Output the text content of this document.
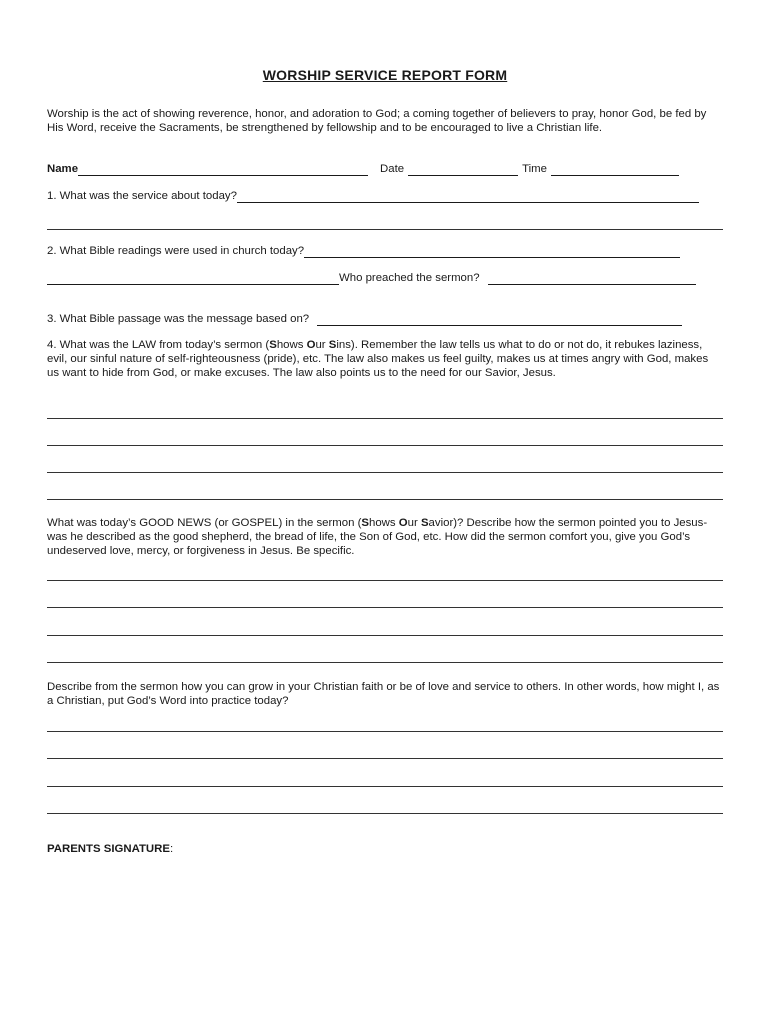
WORSHIP SERVICE REPORT FORM

Worship is the act of showing reverence, honor, and adoration to God; a coming together of believers to pray, honor God, be fed by His Word, receive the Sacraments, be strengthened by fellowship and to be encouraged to live a Christian life.

Name	Date	Time
1. What was the service about today?
2. What Bible readings were used in church today?
Who preached the sermon?
3. What Bible passage was the message based on?

4. What was the LAW from today’s sermon (Shows Our Sins). Remember the law tells us what to do or not do, it rebukes laziness, evil, our sinful nature of self-righteousness (pride), etc. The law also makes us feel guilty, makes us at times angry with God, makes us want to hide from God, or make excuses. The law also points us to the need for our Savior, Jesus.

What was today’s GOOD NEWS (or GOSPEL) in the sermon (Shows Our Savior)? Describe how the sermon pointed you to Jesus- was he described as the good shepherd, the bread of life, the Son of God, etc. How did the sermon comfort you, give you God’s undeserved love, mercy, or forgiveness in Jesus. Be specific.

Describe from the sermon how you can grow in your Christian faith or be of love and service to others. In other words, how might I, as a Christian, put God’s Word into practice today?

PARENTS SIGNATURE :
